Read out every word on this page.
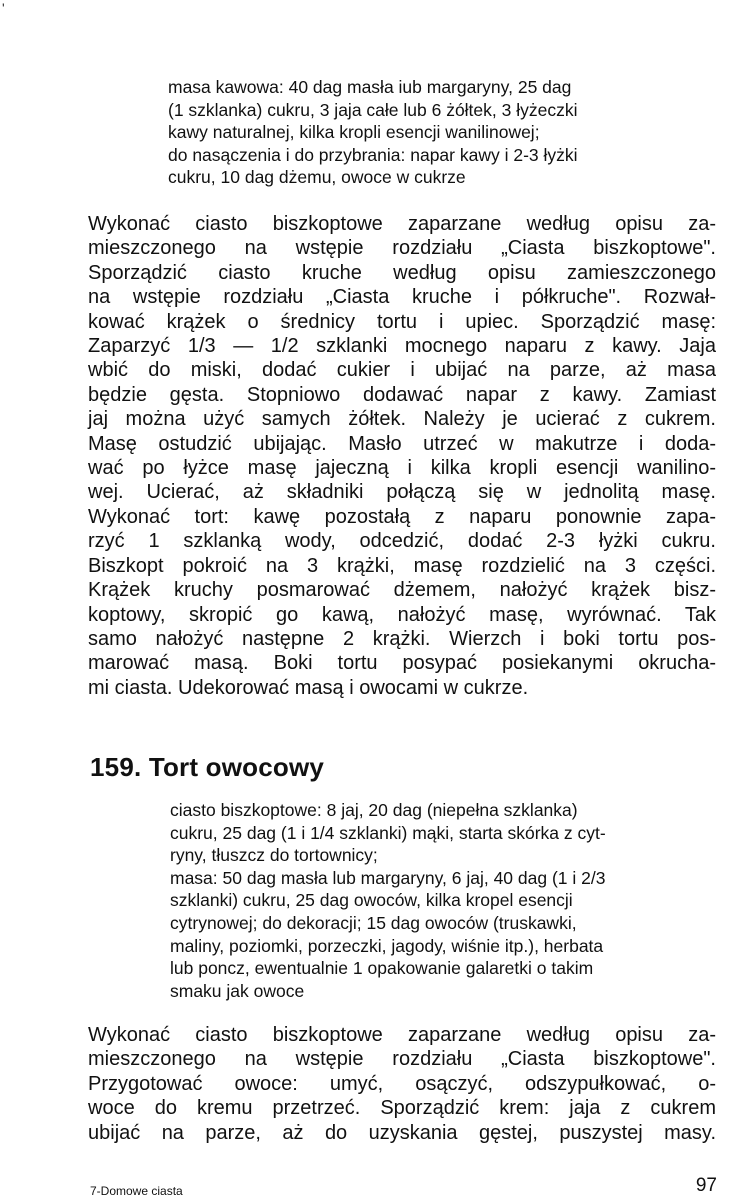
'

masa kawowa: 40 dag masła iub margaryny, 25 dag
(1 szklanka) cukru, 3 jaja całe lub 6 żółtek, 3 łyżeczki
kawy naturalnej, kilka kropli esencji wanilinowej;

do nasączenia i do przybrania: napar kawy i 2-3 łyżki
cukru, 10 dag dżemu, owoce w cukrze

Wykonać ciasto biszkoptowe zaparzane według opisu za-
mieszczonego na wstępie rozdziału „Ciasta biszkoptowe".
Sporządzić ciasto kruche według opisu zamieszczonego
na wstępie rozdziału „Ciasta kruche i półkruche". Rozwał-
kować krążek o średnicy tortu i upiec. Sporządzić masę:
Zaparzyć 1/3 — 1/2 szklanki mocnego naparu z kawy. Jaja
wbić do miski, dodać cukier i ubijać na parze, aż masa
będzie gęsta. Stopniowo dodawać napar z kawy. Zamiast
jaj można użyć samych żółtek. Należy je ucierać z cukrem.
Masę ostudzić ubijając. Masło utrzeć w makutrze i doda-
wać po łyżce masę jajeczną i kilka kropli esencji wanilino-
wej. Ucierać, aż składniki połączą się w jednolitą masę.
Wykonać tort: kawę pozostałą z naparu ponownie zapa-
rzyć 1 szklanką wody, odcedzić, dodać 2-3 łyżki cukru.
Biszkopt pokroić na 3 krążki, masę rozdzielić na 3 części.
Krążek kruchy posmarować dżemem, nałożyć krążek bisz-
koptowy, skropić go kawą, nałożyć masę, wyrównać. Tak
samo nałożyć następne 2 krążki. Wierzch i boki tortu pos-
marować masą. Boki tortu posypać posiekanymi okrucha-
mi ciasta. Udekorować masą i owocami w cukrze.
159. Tort owocowy

ciasto biszkoptowe: 8 jaj, 20 dag (niepełna szklanka)
cukru, 25 dag (1 i 1/4 szklanki) mąki, starta skórka z cyt-
ryny, tłuszcz do tortownicy;

masa: 50 dag masła lub margaryny, 6 jaj, 40 dag (1 i 2/3
szklanki) cukru, 25 dag owoców, kilka kropel esencji
cytrynowej; do dekoracji; 15 dag owoców (truskawki,
maliny, poziomki, porzeczki, jagody, wiśnie itp.), herbata
lub poncz, ewentualnie 1 opakowanie galaretki o takim
smaku jak owoce

Wykonać ciasto biszkoptowe zaparzane według opisu za-
mieszczonego na wstępie rozdziału „Ciasta biszkoptowe".
Przygotować owoce: umyć, osączyć, odszypułkować, o-
woce do kremu przetrzeć. Sporządzić krem: jaja z cukrem
ubijać na parze, aż do uzyskania gęstej, puszystej masy.
7-Domowe ciasta	97
